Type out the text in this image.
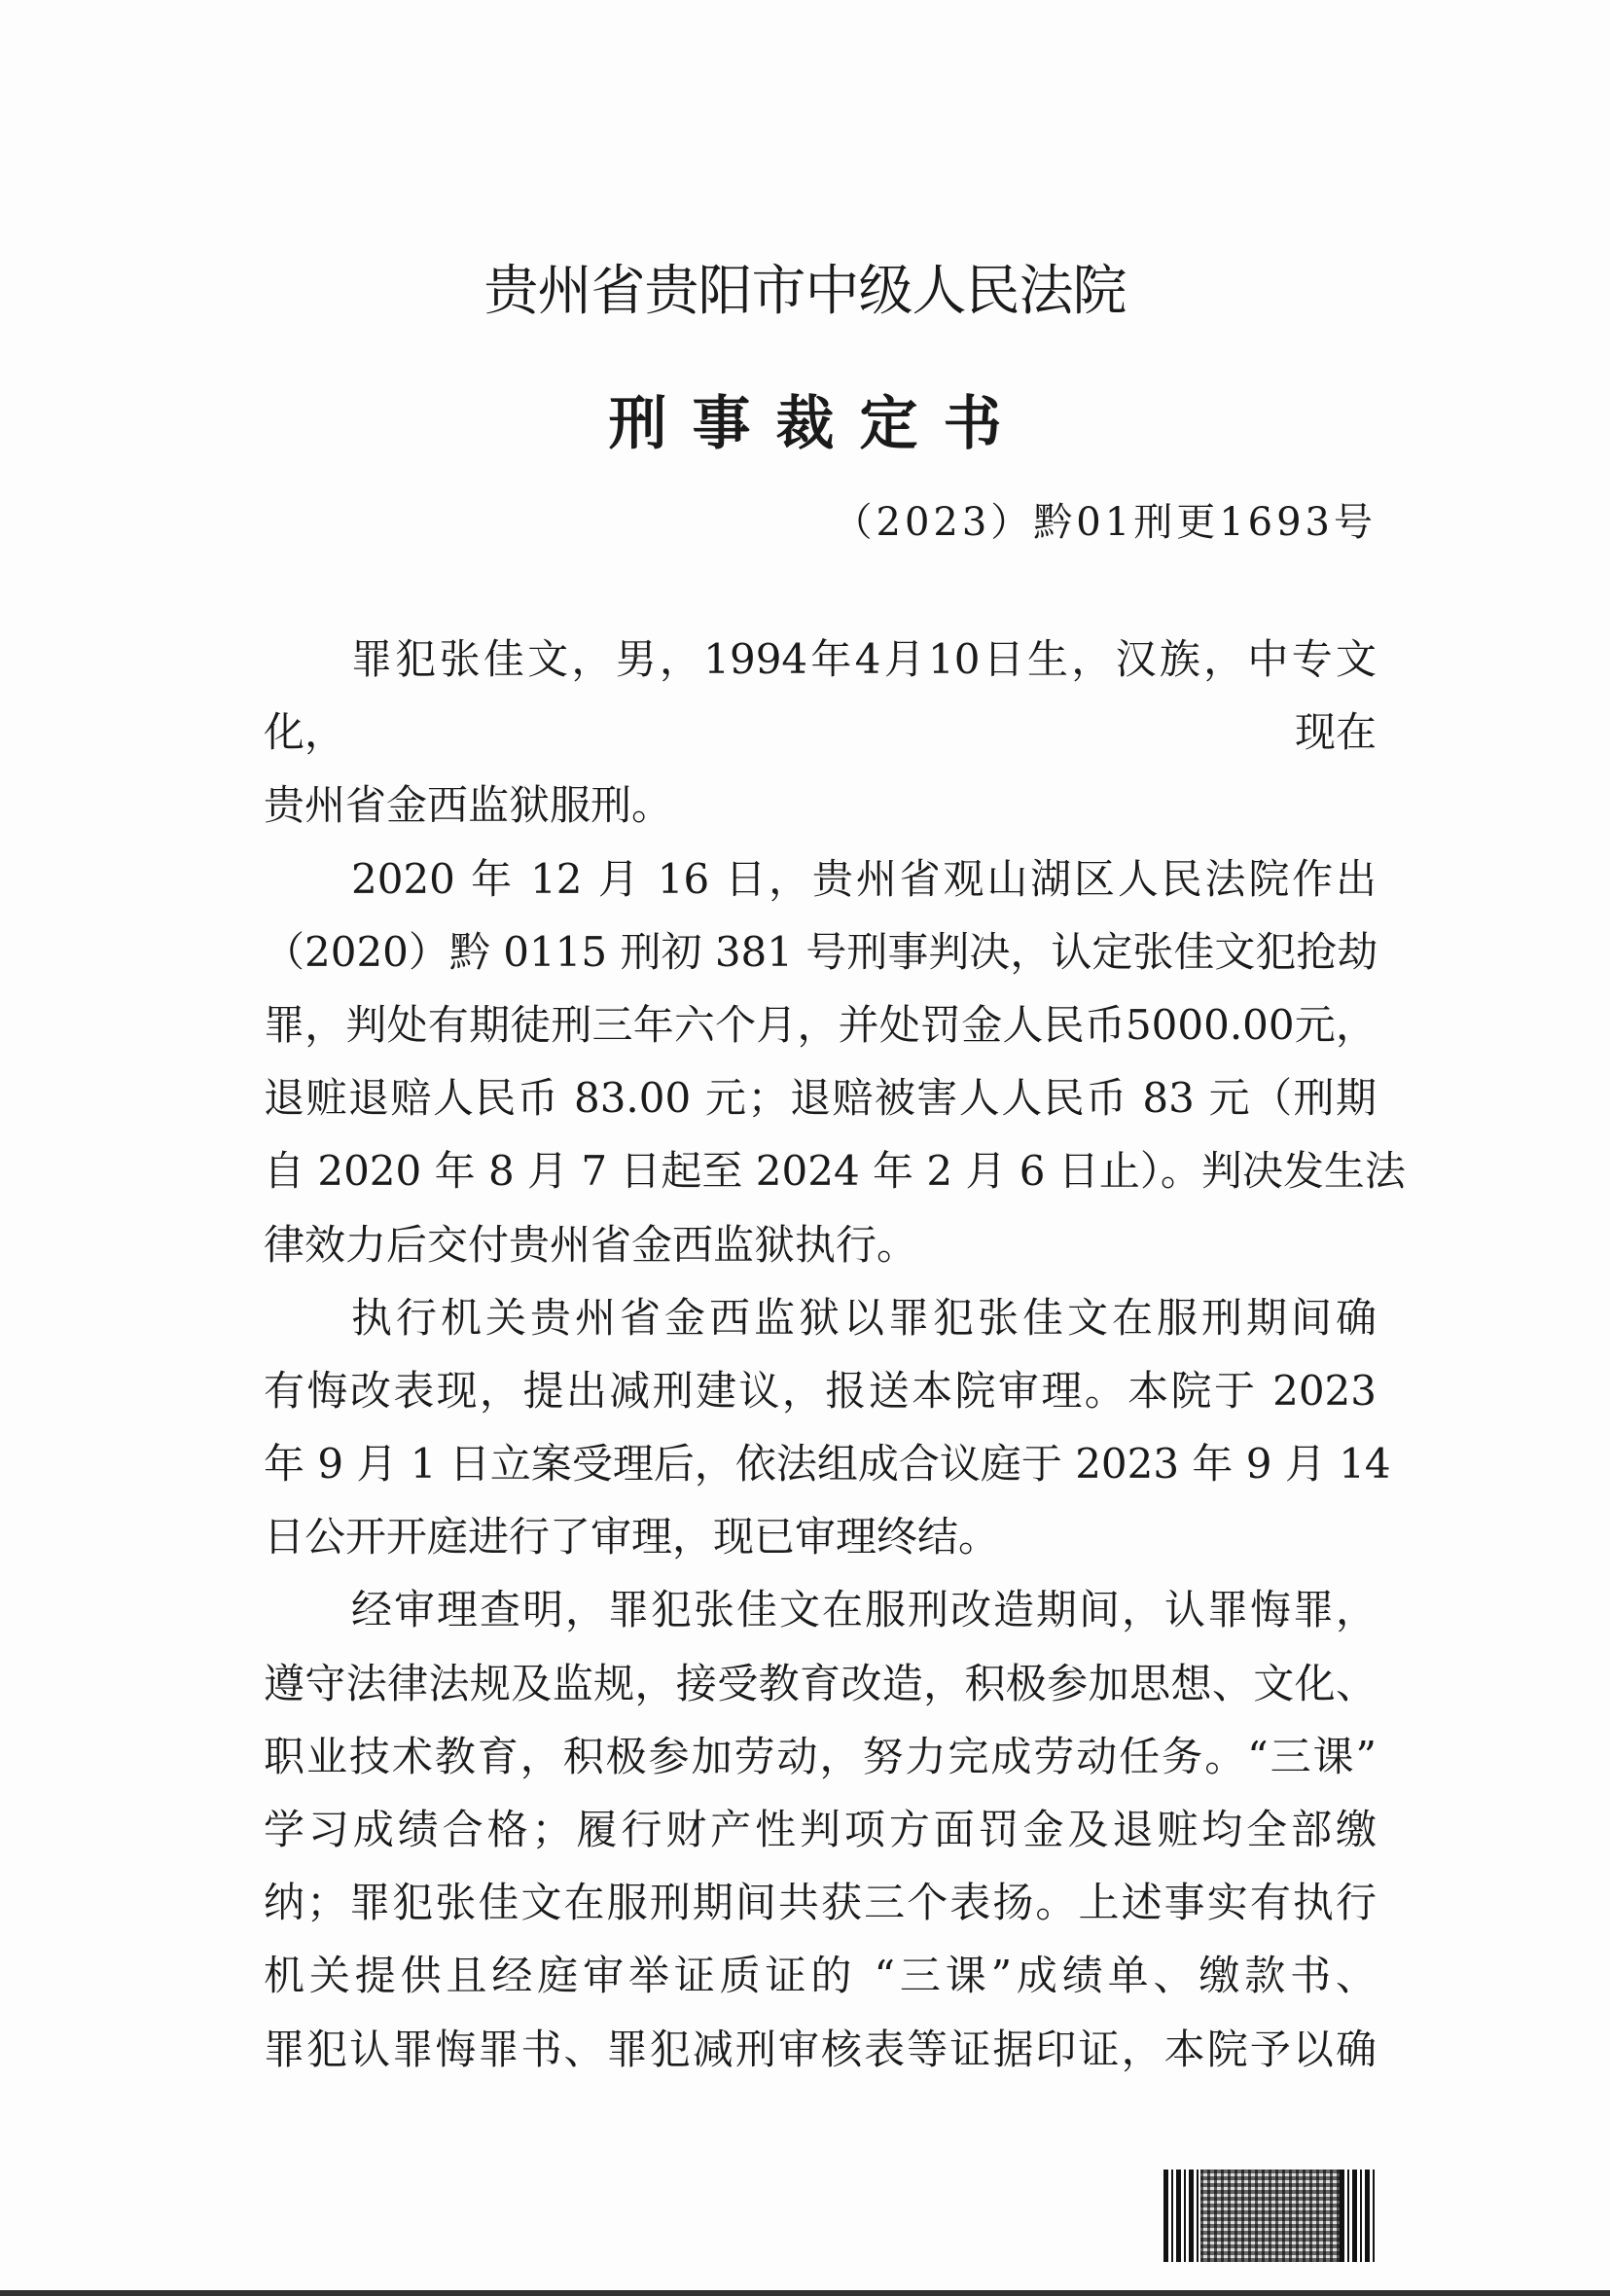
贵州省贵阳市中级人民法院
刑事裁定书
（2023）黔01刑更1693号
罪犯张佳文，男，1994年4月10日生，汉族，中专文
化，	现在
贵州省金西监狱服刑。
2020 年 12 月 16 日，贵州省观山湖区人民法院作出
（2020）黔 0115 刑初 381 号刑事判决，认定张佳文犯抢劫
罪，判处有期徒刑三年六个月，并处罚金人民币5000.00元，
退赃退赔人民币 83.00 元；退赔被害人人民币 83 元（刑期
自 2020 年 8 月 7 日起至 2024 年 2 月 6 日止）。判决发生法
律效力后交付贵州省金西监狱执行。
执行机关贵州省金西监狱以罪犯张佳文在服刑期间确
有悔改表现，提出减刑建议，报送本院审理。本院于 2023
年 9 月 1 日立案受理后，依法组成合议庭于 2023 年 9 月 14
日公开开庭进行了审理，现已审理终结。
经审理查明，罪犯张佳文在服刑改造期间，认罪悔罪，
遵守法律法规及监规，接受教育改造，积极参加思想、文化、
职业技术教育，积极参加劳动，努力完成劳动任务。“三课”
学习成绩合格；履行财产性判项方面罚金及退赃均全部缴
纳；罪犯张佳文在服刑期间共获三个表扬。上述事实有执行
机关提供且经庭审举证质证的 “三课”成绩单、缴款书、
罪犯认罪悔罪书、罪犯减刑审核表等证据印证，本院予以确
